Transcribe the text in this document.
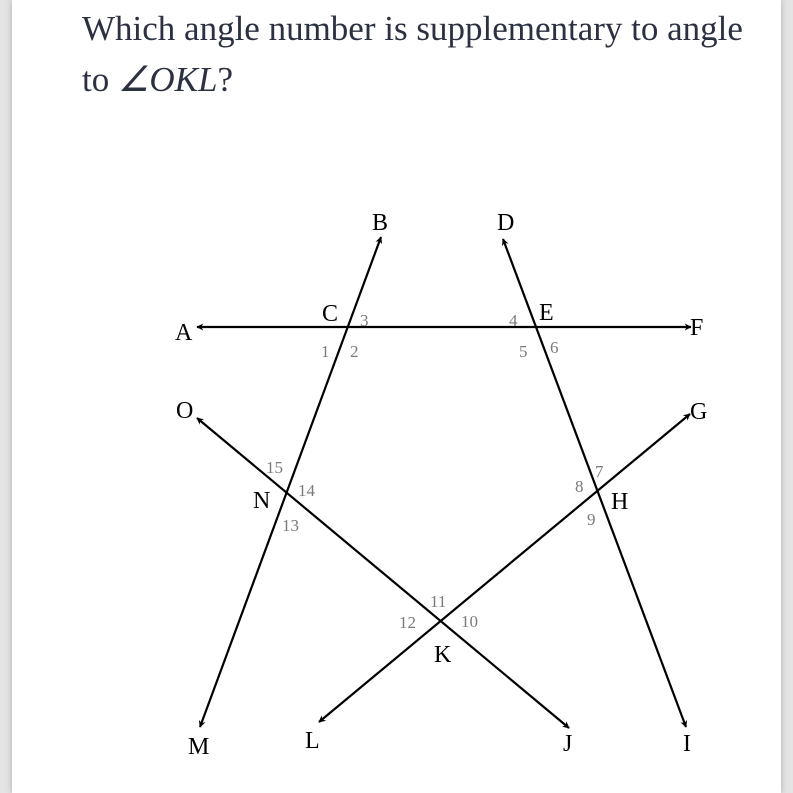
Which angle number is supplementary to angle to ∠OKL?

A
B
C
D
E
F
G
H
I
J
K
L
M
N
O
1 2
3	4
5 6
7
8
9
10
11
12
13
14
15
